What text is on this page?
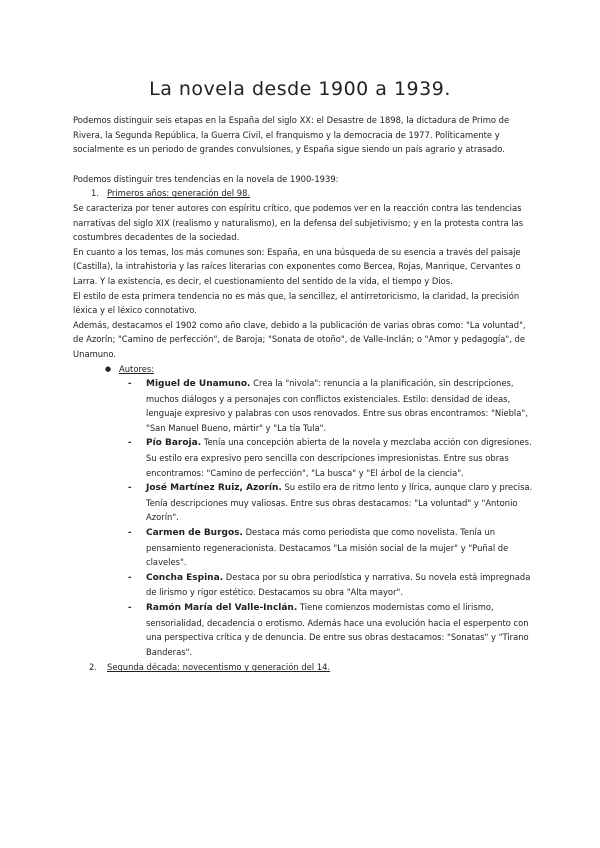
La novela desde 1900 a 1939.

Podemos distinguir seis etapas en la España del siglo XX: el Desastre de 1898, la dictadura de Primo de Rivera, la Segunda República, la Guerra Civil, el franquismo y la democracia de 1977. Políticamente y socialmente es un periodo de grandes convulsiones, y España sigue siendo un país agrario y atrasado.

Podemos distinguir tres tendencias en la novela de 1900-1939:

1. Primeros años: generación del 98.

Se caracteriza por tener autores con espíritu crítico, que podemos ver en la reacción contra las tendencias narrativas del siglo XIX (realismo y naturalismo), en la defensa del subjetivismo; y en la protesta contra las costumbres decadentes de la sociedad.

En cuanto a los temas, los más comunes son: España, en una búsqueda de su esencia a través del paisaje (Castilla), la intrahistoria y las raíces literarias con exponentes como Bercea, Rojas, Manrique, Cervantes o Larra. Y la existencia, es decir, el cuestionamiento del sentido de la vida, el tiempo y Dios.

El estilo de esta primera tendencia no es más que, la sencillez, el antirretoricismo, la claridad, la precisión léxica y el léxico connotativo.

Además, destacamos el 1902 como año clave, debido a la publicación de varias obras como: "La voluntad", de Azorín; "Camino de perfección", de Baroja; "Sonata de otoño", de Valle-Inclán; o "Amor y pedagogía", de Unamuno.

● Autores:

- Miguel de Unamuno. Crea la "nivola": renuncia a la planificación, sin descripciones, muchos diálogos y a personajes con conflictos existenciales. Estilo: densidad de ideas, lenguaje expresivo y palabras con usos renovados. Entre sus obras encontramos: "Niebla", "San Manuel Bueno, mártir" y "La tía Tula".

- Pío Baroja. Tenía una concepción abierta de la novela y mezclaba acción con digresiones. Su estilo era expresivo pero sencilla con descripciones impresionistas. Entre sus obras encontramos: "Camino de perfección", "La busca" y "El árbol de la ciencia".

- José Martínez Ruiz, Azorín. Su estilo era de ritmo lento y lírica, aunque claro y precisa. Tenía descripciones muy valiosas. Entre sus obras destacamos: "La voluntad" y "Antonio Azorín".

- Carmen de Burgos. Destaca más como periodista que como novelista. Tenía un pensamiento regeneracionista. Destacamos "La misión social de la mujer" y "Puñal de claveles".

- Concha Espina. Destaca por su obra periodística y narrativa. Su novela está impregnada de lirismo y rigor estético. Destacamos su obra "Alta mayor".

- Ramón María del Valle-Inclán. Tiene comienzos modernistas como el lirismo, sensorialidad, decadencia o erotismo. Además hace una evolución hacia el esperpento con una perspectiva crítica y de denuncia. De entre sus obras destacamos: "Sonatas" y "Tirano Banderas".

2. Segunda década: novecentismo y generación del 14.
